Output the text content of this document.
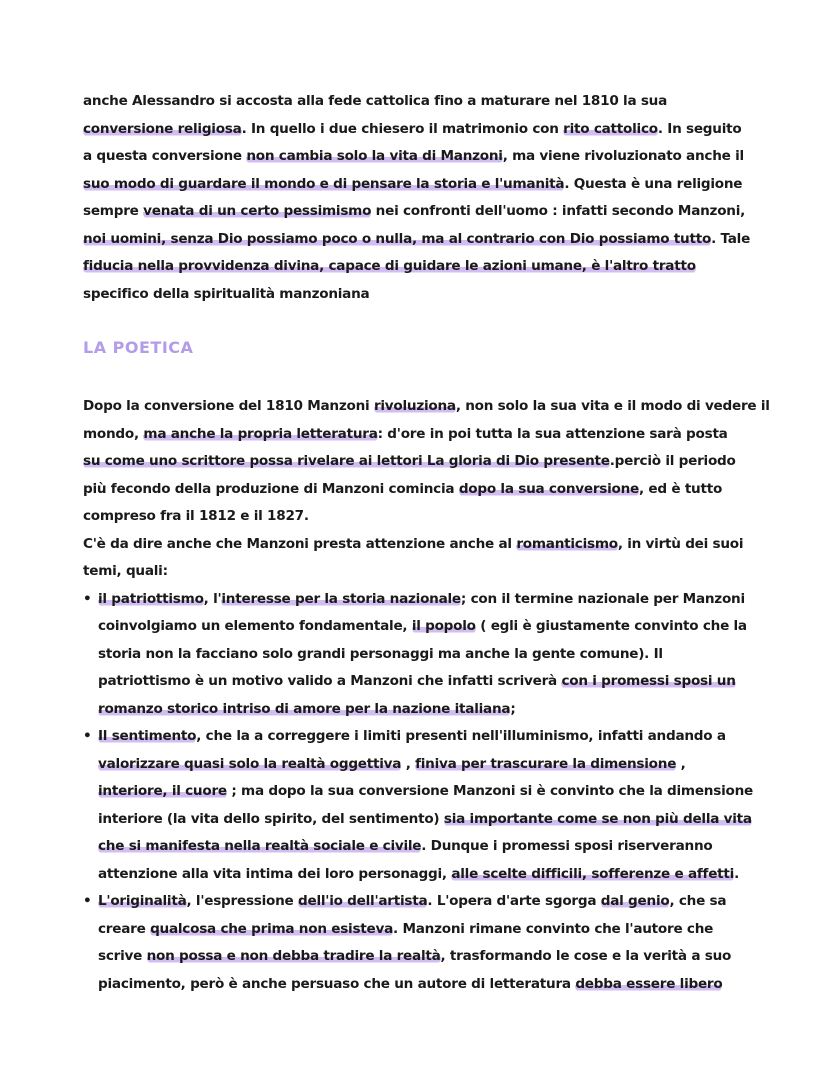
anche Alessandro si accosta alla fede cattolica fino a maturare nel 1810 la sua
conversione religiosa. In quello i due chiesero il matrimonio con rito cattolico. In seguito
a questa conversione non cambia solo la vita di Manzoni, ma viene rivoluzionato anche il
suo modo di guardare il mondo e di pensare la storia e l'umanità. Questa è una religione
sempre venata di un certo pessimismo nei confronti dell'uomo : infatti secondo Manzoni,
noi uomini, senza Dio possiamo poco o nulla, ma al contrario con Dio possiamo tutto. Tale
fiducia nella provvidenza divina, capace di guidare le azioni umane, è l'altro tratto
specifico della spiritualità manzoniana
LA POETICA
Dopo la conversione del 1810 Manzoni rivoluziona, non solo la sua vita e il modo di vedere il
mondo, ma anche la propria letteratura: d'ore in poi tutta la sua attenzione sarà posta
su come uno scrittore possa rivelare ai lettori La gloria di Dio presente.perciò il periodo
più fecondo della produzione di Manzoni comincia dopo la sua conversione, ed è tutto
compreso fra il 1812 e il 1827.
C'è da dire anche che Manzoni presta attenzione anche al romanticismo, in virtù dei suoi
temi, quali:
• il patriottismo, l'interesse per la storia nazionale; con il termine nazionale per Manzoni
coinvolgiamo un elemento fondamentale, il popolo ( egli è giustamente convinto che la
storia non la facciano solo grandi personaggi ma anche la gente comune). Il
patriottismo è un motivo valido a Manzoni che infatti scriverà con i promessi sposi un
romanzo storico intriso di amore per la nazione italiana;
• Il sentimento, che la a correggere i limiti presenti nell'illuminismo, infatti andando a
valorizzare quasi solo la realtà oggettiva , finiva per trascurare la dimensione ,
interiore, il cuore ; ma dopo la sua conversione Manzoni si è convinto che la dimensione
interiore (la vita dello spirito, del sentimento) sia importante come se non più della vita
che si manifesta nella realtà sociale e civile. Dunque i promessi sposi riserveranno
attenzione alla vita intima dei loro personaggi, alle scelte difficili, sofferenze e affetti.
• L'originalità, l'espressione dell'io dell'artista. L'opera d'arte sgorga dal genio, che sa
creare qualcosa che prima non esisteva. Manzoni rimane convinto che l'autore che
scrive non possa e non debba tradire la realtà, trasformando le cose e la verità a suo
piacimento, però è anche persuaso che un autore di letteratura debba essere libero
